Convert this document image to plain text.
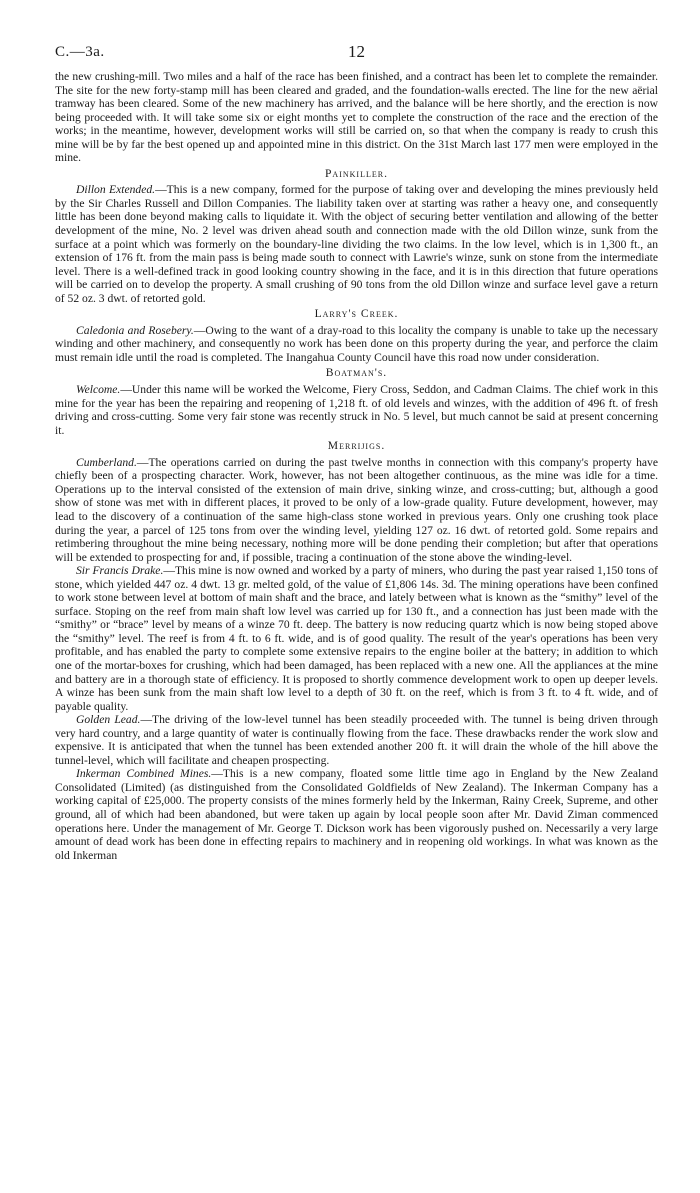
C.—3a.	12

the new crushing-mill. Two miles and a half of the race has been finished, and a contract has been let to complete the remainder. The site for the new forty-stamp mill has been cleared and graded, and the foundation-walls erected. The line for the new aërial tramway has been cleared. Some of the new machinery has arrived, and the balance will be here shortly, and the erection is now being proceeded with. It will take some six or eight months yet to complete the construction of the race and the erection of the works; in the meantime, however, development works will still be carried on, so that when the company is ready to crush this mine will be by far the best opened up and appointed mine in this district. On the 31st March last 177 men were employed in the mine.

Painkiller.

Dillon Extended.—This is a new company, formed for the purpose of taking over and developing the mines previously held by the Sir Charles Russell and Dillon Companies. The liability taken over at starting was rather a heavy one, and consequently little has been done beyond making calls to liquidate it. With the object of securing better ventilation and allowing of the better development of the mine, No. 2 level was driven ahead south and connection made with the old Dillon winze, sunk from the surface at a point which was formerly on the boundary-line dividing the two claims. In the low level, which is in 1,300 ft., an extension of 176 ft. from the main pass is being made south to connect with Lawrie's winze, sunk on stone from the intermediate level. There is a well-defined track in good looking country showing in the face, and it is in this direction that future operations will be carried on to develop the property. A small crushing of 90 tons from the old Dillon winze and surface level gave a return of 52 oz. 3 dwt. of retorted gold.

Larry's Creek.

Caledonia and Rosebery.—Owing to the want of a dray-road to this locality the company is unable to take up the necessary winding and other machinery, and consequently no work has been done on this property during the year, and perforce the claim must remain idle until the road is completed. The Inangahua County Council have this road now under consideration.

Boatman's.

Welcome.—Under this name will be worked the Welcome, Fiery Cross, Seddon, and Cadman Claims. The chief work in this mine for the year has been the repairing and reopening of 1,218 ft. of old levels and winzes, with the addition of 496 ft. of fresh driving and cross-cutting. Some very fair stone was recently struck in No. 5 level, but much cannot be said at present concerning it.

Merrijigs.

Cumberland.—The operations carried on during the past twelve months in connection with this company's property have chiefly been of a prospecting character. Work, however, has not been altogether continuous, as the mine was idle for a time. Operations up to the interval consisted of the extension of main drive, sinking winze, and cross-cutting; but, although a good show of stone was met with in different places, it proved to be only of a low-grade quality. Future development, however, may lead to the discovery of a continuation of the same high-class stone worked in previous years. Only one crushing took place during the year, a parcel of 125 tons from over the winding level, yielding 127 oz. 16 dwt. of retorted gold. Some repairs and retimbering throughout the mine being necessary, nothing more will be done pending their completion; but after that operations will be extended to prospecting for and, if possible, tracing a continuation of the stone above the winding-level.

Sir Francis Drake.—This mine is now owned and worked by a party of miners, who during the past year raised 1,150 tons of stone, which yielded 447 oz. 4 dwt. 13 gr. melted gold, of the value of £1,806 14s. 3d. The mining operations have been confined to work stone between level at bottom of main shaft and the brace, and lately between what is known as the “smithy” level of the surface. Stoping on the reef from main shaft low level was carried up for 130 ft., and a connection has just been made with the “smithy” or “brace” level by means of a winze 70 ft. deep. The battery is now reducing quartz which is now being stoped above the “smithy” level. The reef is from 4 ft. to 6 ft. wide, and is of good quality. The result of the year's operations has been very profitable, and has enabled the party to complete some extensive repairs to the engine boiler at the battery; in addition to which one of the mortar-boxes for crushing, which had been damaged, has been replaced with a new one. All the appliances at the mine and battery are in a thorough state of efficiency. It is proposed to shortly commence development work to open up deeper levels. A winze has been sunk from the main shaft low level to a depth of 30 ft. on the reef, which is from 3 ft. to 4 ft. wide, and of payable quality.

Golden Lead.—The driving of the low-level tunnel has been steadily proceeded with. The tunnel is being driven through very hard country, and a large quantity of water is continually flowing from the face. These drawbacks render the work slow and expensive. It is anticipated that when the tunnel has been extended another 200 ft. it will drain the whole of the hill above the tunnel-level, which will facilitate and cheapen prospecting.

Inkerman Combined Mines.—This is a new company, floated some little time ago in England by the New Zealand Consolidated (Limited) (as distinguished from the Consolidated Goldfields of New Zealand). The Inkerman Company has a working capital of £25,000. The property consists of the mines formerly held by the Inkerman, Rainy Creek, Supreme, and other ground, all of which had been abandoned, but were taken up again by local people soon after Mr. David Ziman commenced operations here. Under the management of Mr. George T. Dickson work has been vigorously pushed on. Necessarily a very large amount of dead work has been done in effecting repairs to machinery and in reopening old workings. In what was known as the old Inkerman
